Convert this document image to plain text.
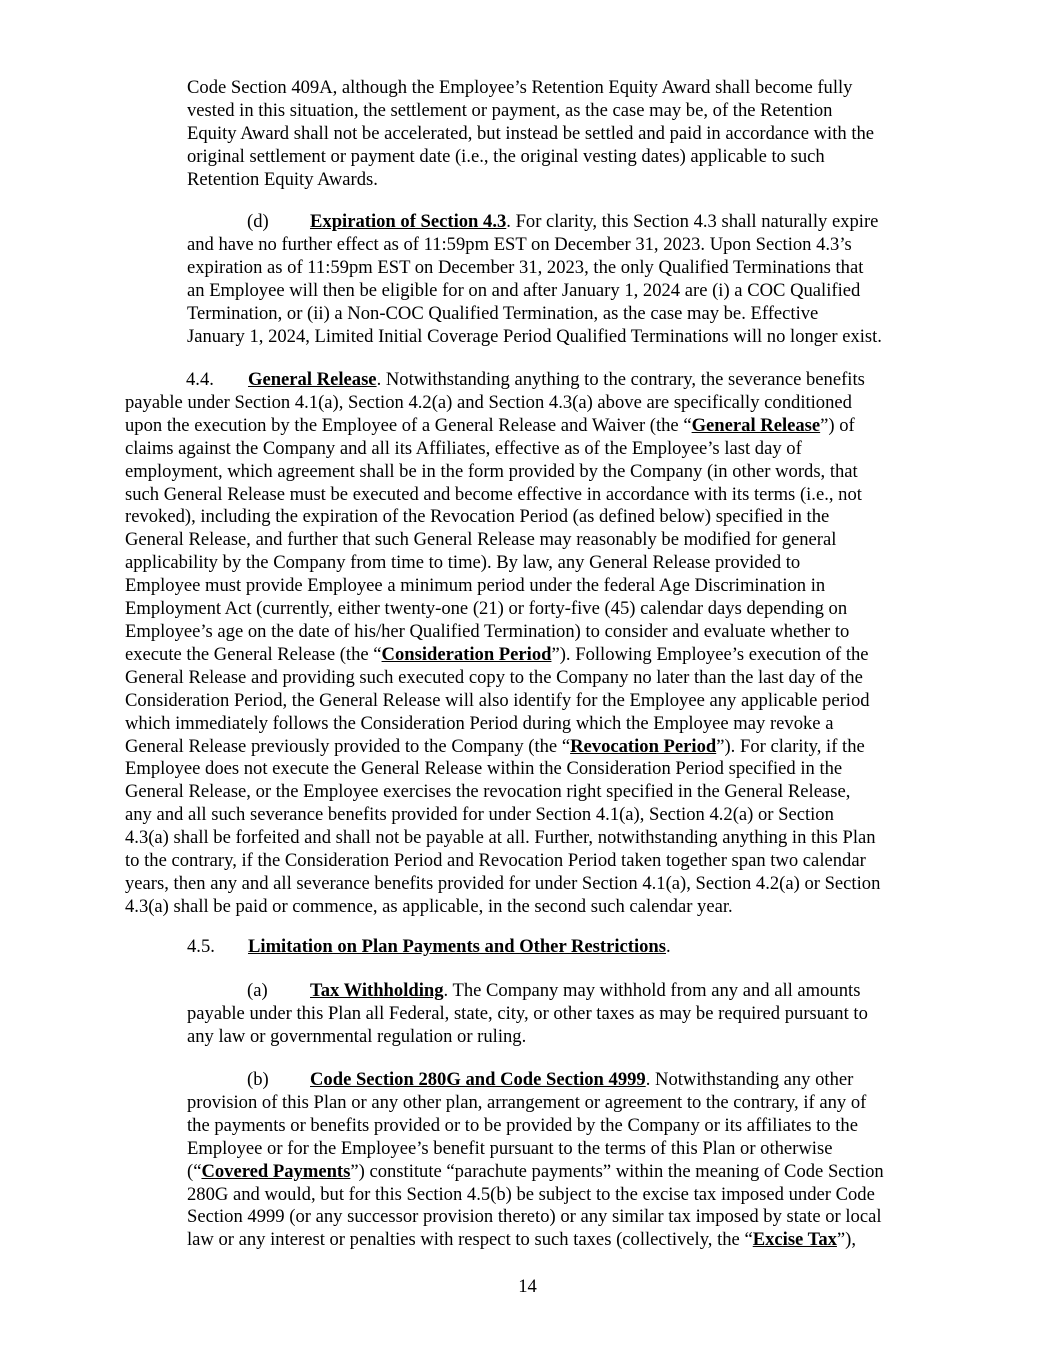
Code Section 409A, although the Employee’s Retention Equity Award shall become fully
vested in this situation, the settlement or payment, as the case may be, of the Retention
Equity Award shall not be accelerated, but instead be settled and paid in accordance with the
original settlement or payment date (i.e., the original vesting dates) applicable to such
Retention Equity Awards.
(d) Expiration of Section 4.3. For clarity, this Section 4.3 shall naturally expire
and have no further effect as of 11:59pm EST on December 31, 2023. Upon Section 4.3’s
expiration as of 11:59pm EST on December 31, 2023, the only Qualified Terminations that
an Employee will then be eligible for on and after January 1, 2024 are (i) a COC Qualified
Termination, or (ii) a Non-COC Qualified Termination, as the case may be. Effective
January 1, 2024, Limited Initial Coverage Period Qualified Terminations will no longer exist.
4.4. General Release. Notwithstanding anything to the contrary, the severance benefits
payable under Section 4.1(a), Section 4.2(a) and Section 4.3(a) above are specifically conditioned
upon the execution by the Employee of a General Release and Waiver (the “General Release”) of
claims against the Company and all its Affiliates, effective as of the Employee’s last day of
employment, which agreement shall be in the form provided by the Company (in other words, that
such General Release must be executed and become effective in accordance with its terms (i.e., not
revoked), including the expiration of the Revocation Period (as defined below) specified in the
General Release, and further that such General Release may reasonably be modified for general
applicability by the Company from time to time). By law, any General Release provided to
Employee must provide Employee a minimum period under the federal Age Discrimination in
Employment Act (currently, either twenty-one (21) or forty-five (45) calendar days depending on
Employee’s age on the date of his/her Qualified Termination) to consider and evaluate whether to
execute the General Release (the “Consideration Period”). Following Employee’s execution of the
General Release and providing such executed copy to the Company no later than the last day of the
Consideration Period, the General Release will also identify for the Employee any applicable period
which immediately follows the Consideration Period during which the Employee may revoke a
General Release previously provided to the Company (the “Revocation Period”). For clarity, if the
Employee does not execute the General Release within the Consideration Period specified in the
General Release, or the Employee exercises the revocation right specified in the General Release,
any and all such severance benefits provided for under Section 4.1(a), Section 4.2(a) or Section
4.3(a) shall be forfeited and shall not be payable at all. Further, notwithstanding anything in this Plan
to the contrary, if the Consideration Period and Revocation Period taken together span two calendar
years, then any and all severance benefits provided for under Section 4.1(a), Section 4.2(a) or Section
4.3(a) shall be paid or commence, as applicable, in the second such calendar year.
4.5. Limitation on Plan Payments and Other Restrictions.
(a) Tax Withholding. The Company may withhold from any and all amounts
payable under this Plan all Federal, state, city, or other taxes as may be required pursuant to
any law or governmental regulation or ruling.
(b) Code Section 280G and Code Section 4999. Notwithstanding any other
provision of this Plan or any other plan, arrangement or agreement to the contrary, if any of
the payments or benefits provided or to be provided by the Company or its affiliates to the
Employee or for the Employee’s benefit pursuant to the terms of this Plan or otherwise
(“Covered Payments”) constitute “parachute payments” within the meaning of Code Section
280G and would, but for this Section 4.5(b) be subject to the excise tax imposed under Code
Section 4999 (or any successor provision thereto) or any similar tax imposed by state or local
law or any interest or penalties with respect to such taxes (collectively, the “Excise Tax”),
14
